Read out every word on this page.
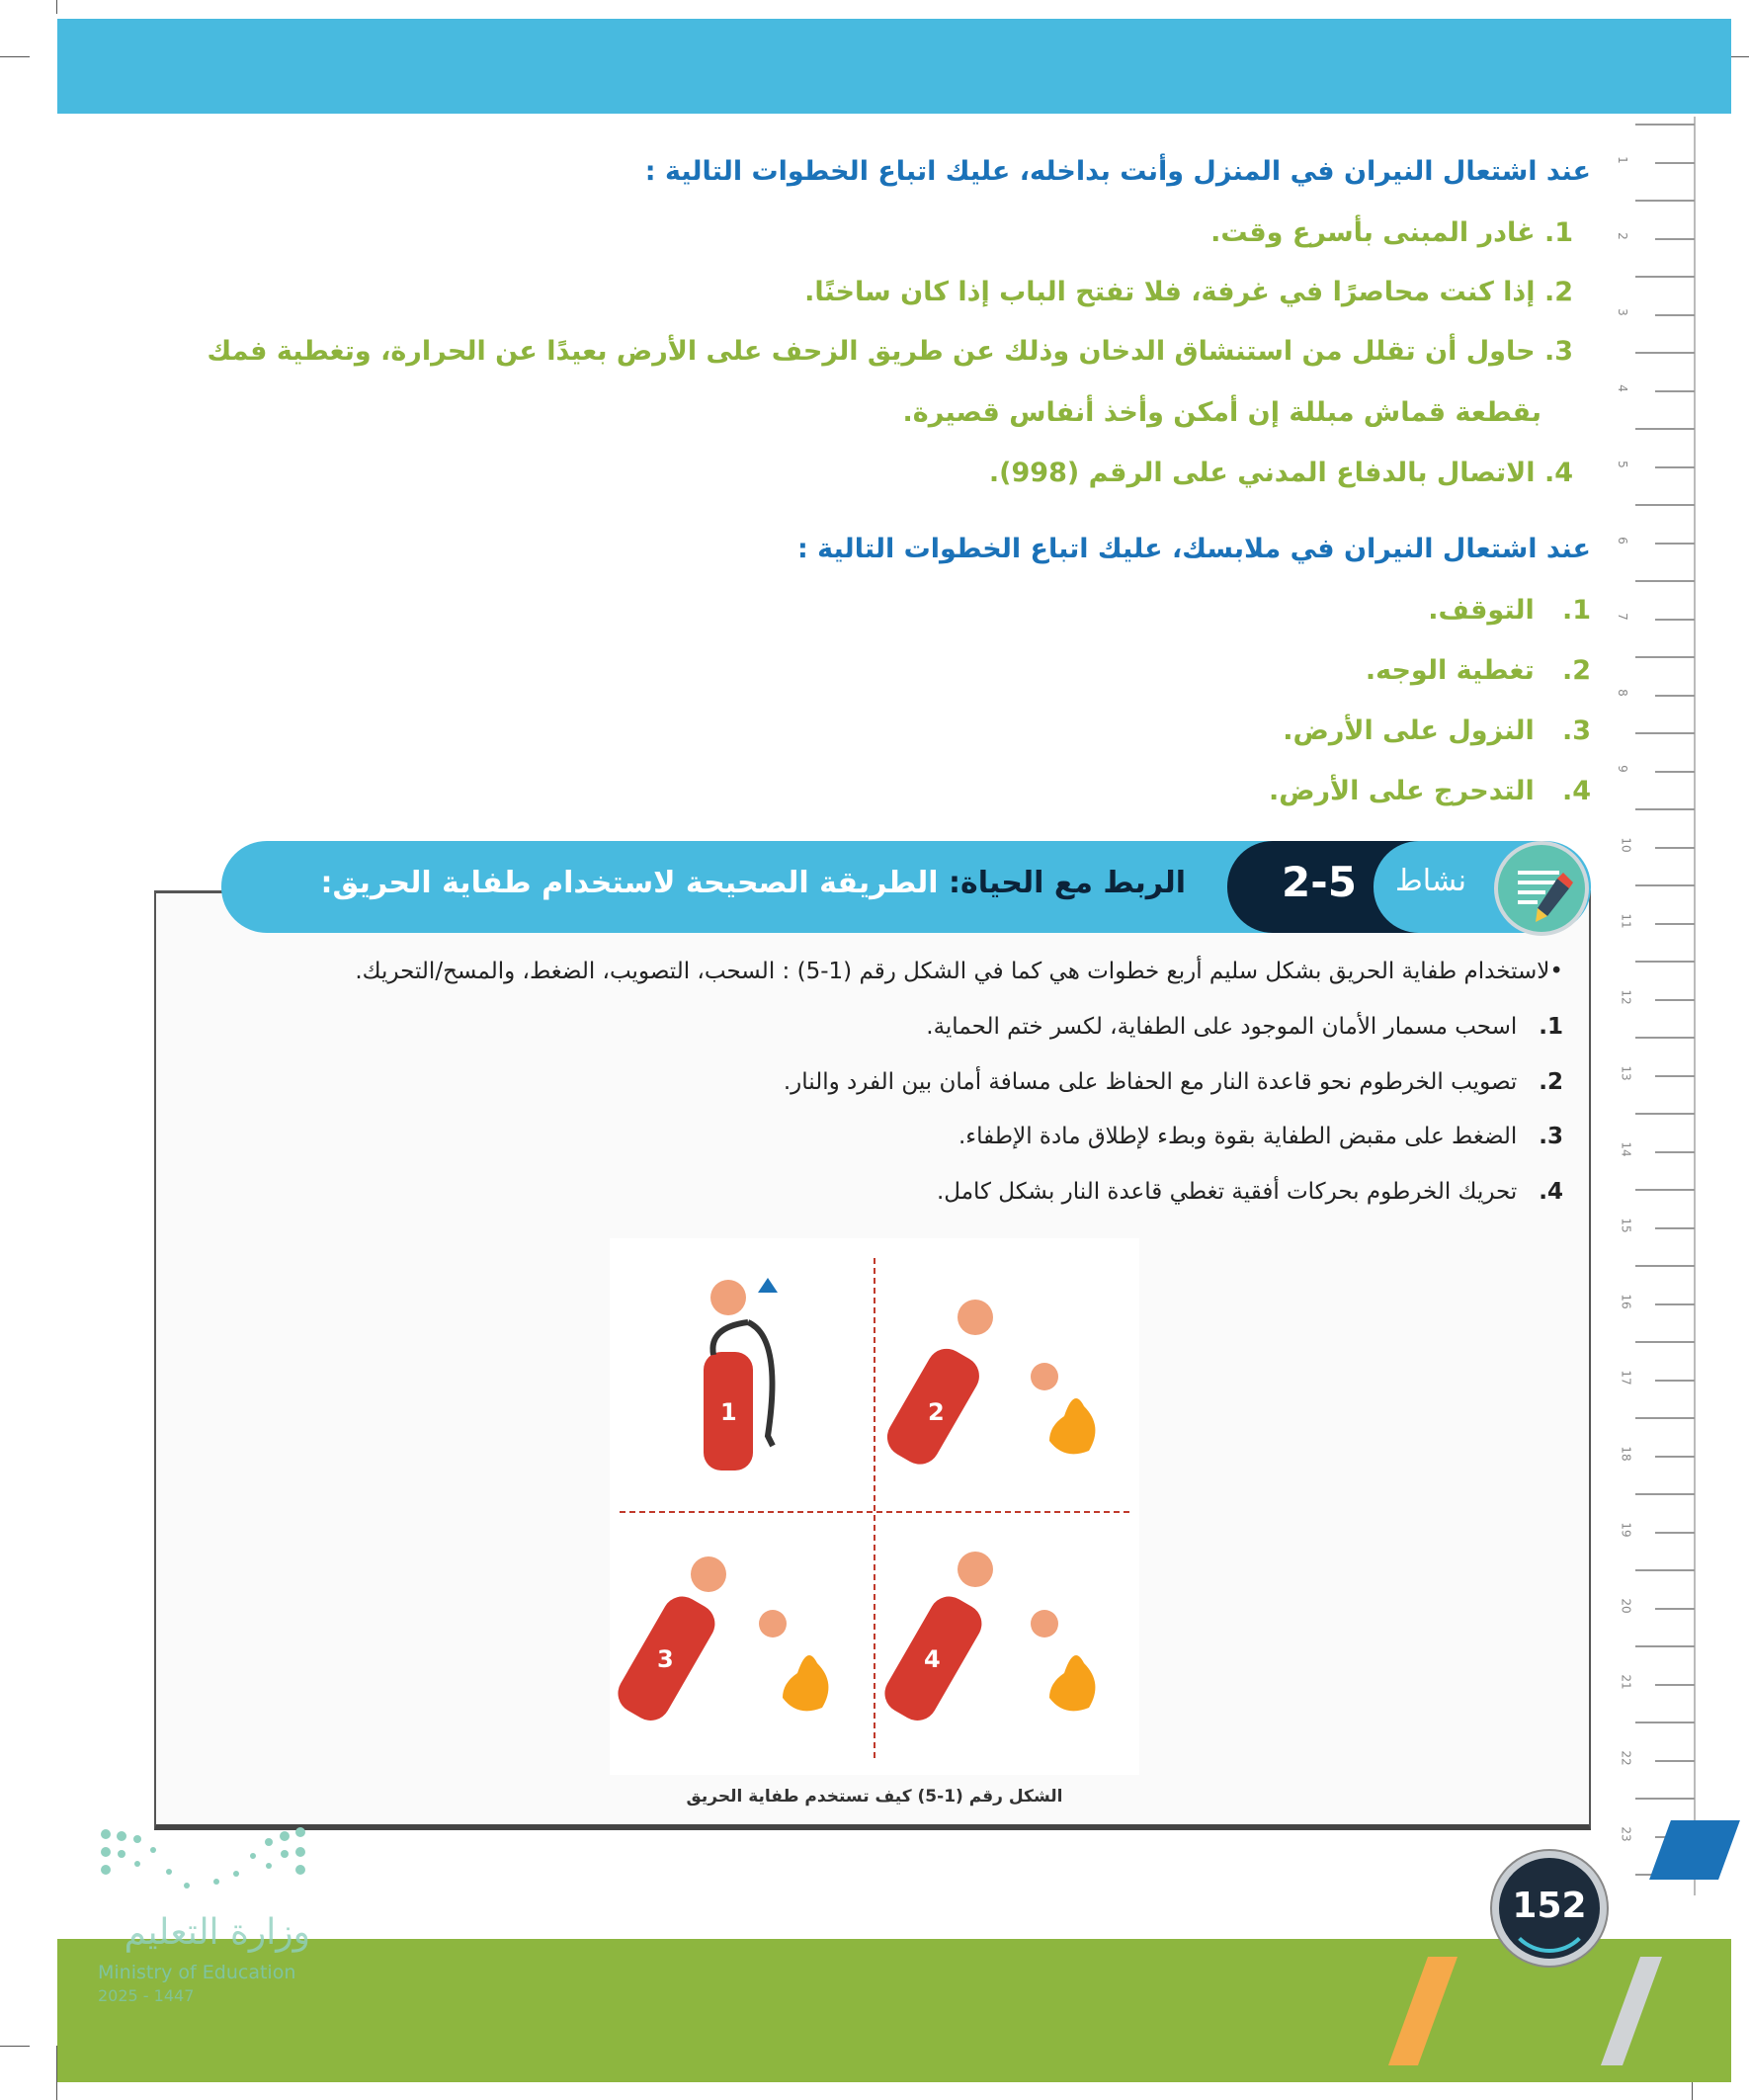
1
2
3
4
5
6
7
8
9
10
11
12
13
14
15
16
17
18
19
20
21
22
23
عند اشتعال النيران في المنزل وأنت بداخله، عليك اتباع الخطوات التالية :
1. غادر المبنى بأسرع وقت.
2. إذا كنت محاصرًا في غرفة، فلا تفتح الباب إذا كان ساخنًا.
3. حاول أن تقلل من استنشاق الدخان وذلك عن طريق الزحف على الأرض بعيدًا عن الحرارة، وتغطية فمك
بقطعة قماش مبللة إن أمكن وأخذ أنفاس قصيرة.
4. الاتصال بالدفاع المدني على الرقم (998).
عند اشتعال النيران في ملابسك، عليك اتباع الخطوات التالية :
1.   التوقف.
2.   تغطية الوجه.
3.   النزول على الأرض.
4.   التدحرج على الأرض.
نشاط
2-5
الربط مع الحياة: الطريقة الصحيحة لاستخدام طفاية الحريق:
•لاستخدام طفاية الحريق بشكل سليم أربع خطوات هي كما في الشكل رقم (1-5) : السحب، التصويب، الضغط، والمسح/التحريك.
1.   اسحب مسمار الأمان الموجود على الطفاية، لكسر ختم الحماية.
2.   تصويب الخرطوم نحو قاعدة النار مع الحفاظ على مسافة أمان بين الفرد والنار.
3.   الضغط على مقبض الطفاية بقوة وبطء لإطلاق مادة الإطفاء.
4.   تحريك الخرطوم بحركات أفقية تغطي قاعدة النار بشكل كامل.
1	2
3	4
الشكل رقم (1-5) كيف تستخدم طفاية الحريق
152
وزارة التعليم
Ministry of Education
2025 - 1447
